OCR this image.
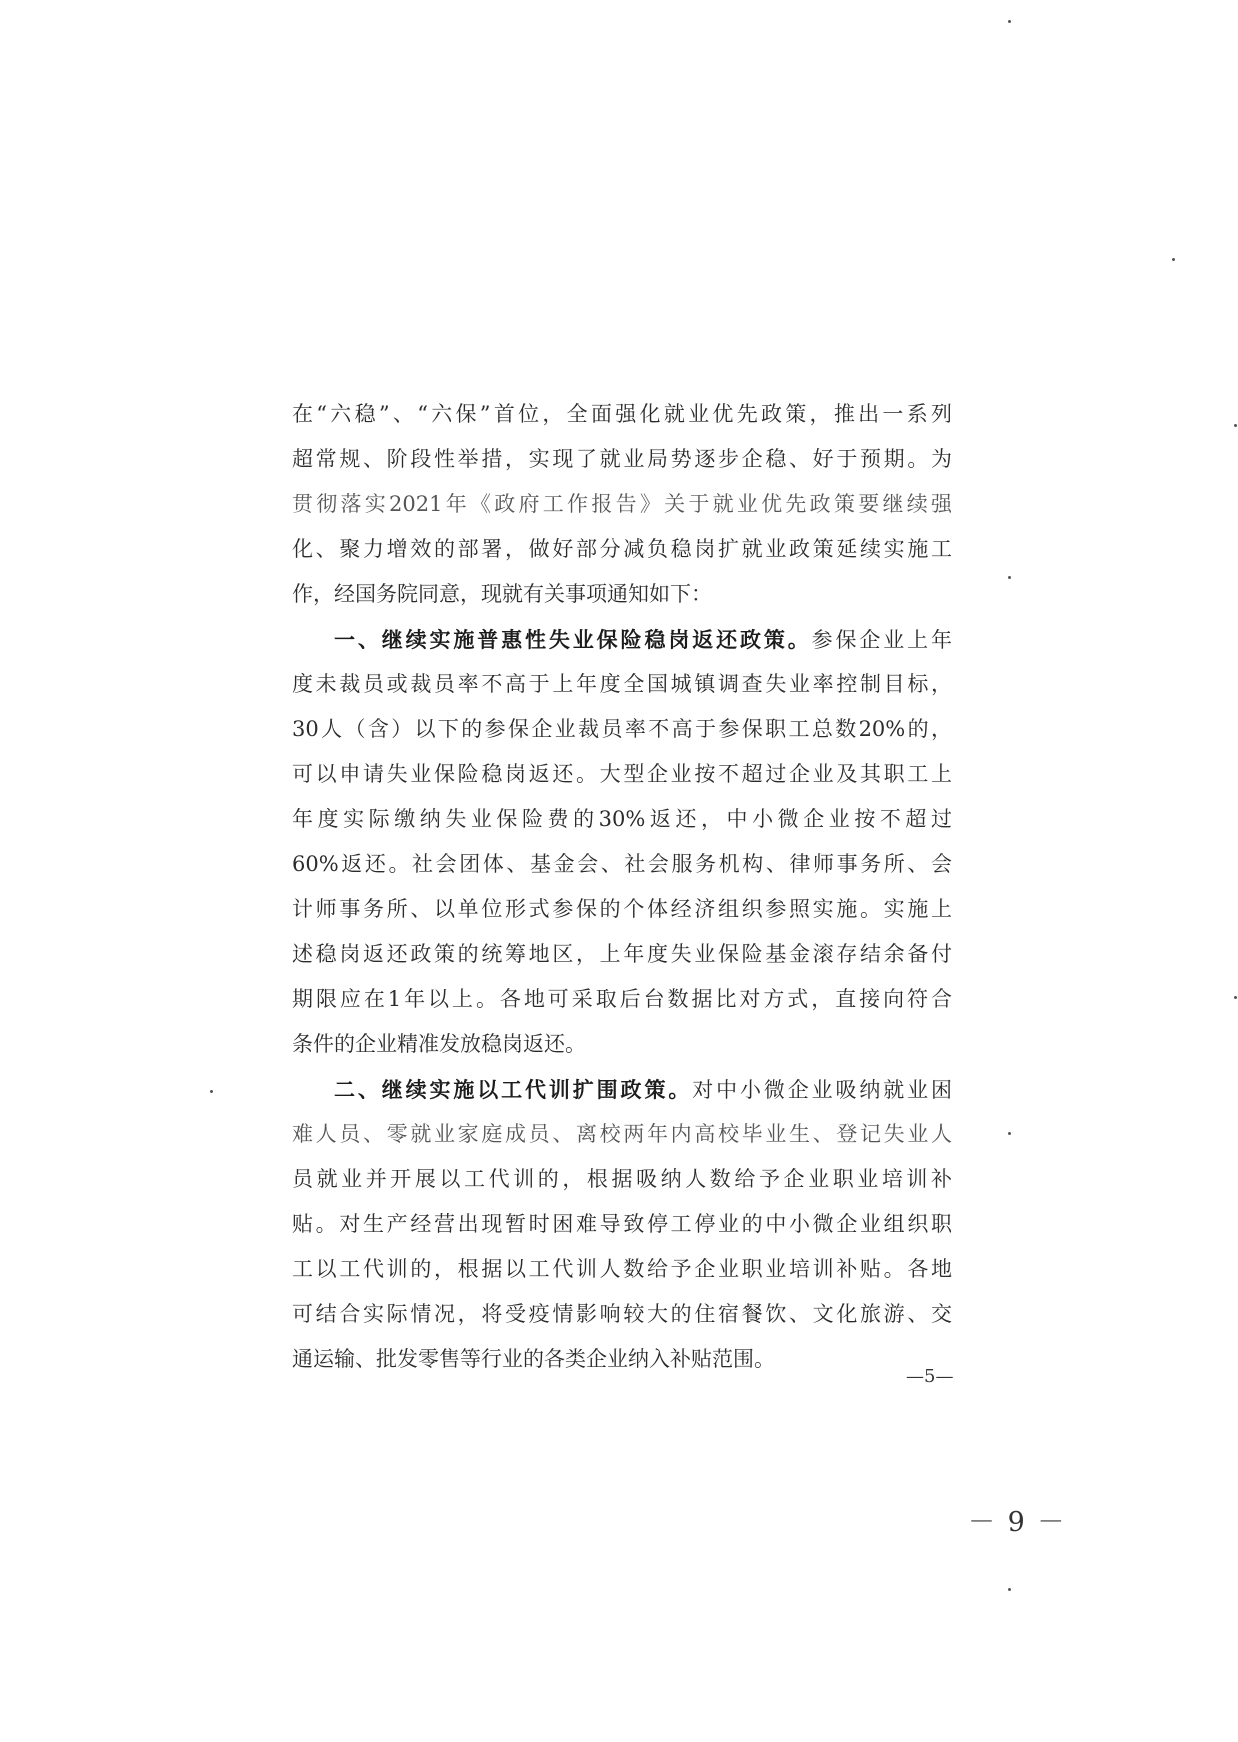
在“六稳”、“六保”首位，全面强化就业优先政策，推出一系列
超常规、阶段性举措，实现了就业局势逐步企稳、好于预期。为
贯彻落实2021年《政府工作报告》关于就业优先政策要继续强
化、聚力增效的部署，做好部分减负稳岗扩就业政策延续实施工
作，经国务院同意，现就有关事项通知如下：
一、继续实施普惠性失业保险稳岗返还政策。参保企业上年
度未裁员或裁员率不高于上年度全国城镇调查失业率控制目标，
30人（含）以下的参保企业裁员率不高于参保职工总数20%的，
可以申请失业保险稳岗返还。大型企业按不超过企业及其职工上
年度实际缴纳失业保险费的30%返还，中小微企业按不超过
60%返还。社会团体、基金会、社会服务机构、律师事务所、会
计师事务所、以单位形式参保的个体经济组织参照实施。实施上
述稳岗返还政策的统筹地区，上年度失业保险基金滚存结余备付
期限应在1年以上。各地可采取后台数据比对方式，直接向符合
条件的企业精准发放稳岗返还。
二、继续实施以工代训扩围政策。对中小微企业吸纳就业困
难人员、零就业家庭成员、离校两年内高校毕业生、登记失业人
员就业并开展以工代训的，根据吸纳人数给予企业职业培训补
贴。对生产经营出现暂时困难导致停工停业的中小微企业组织职
工以工代训的，根据以工代训人数给予企业职业培训补贴。各地
可结合实际情况，将受疫情影响较大的住宿餐饮、文化旅游、交
通运输、批发零售等行业的各类企业纳入补贴范围。
—5—
－ 9 －
